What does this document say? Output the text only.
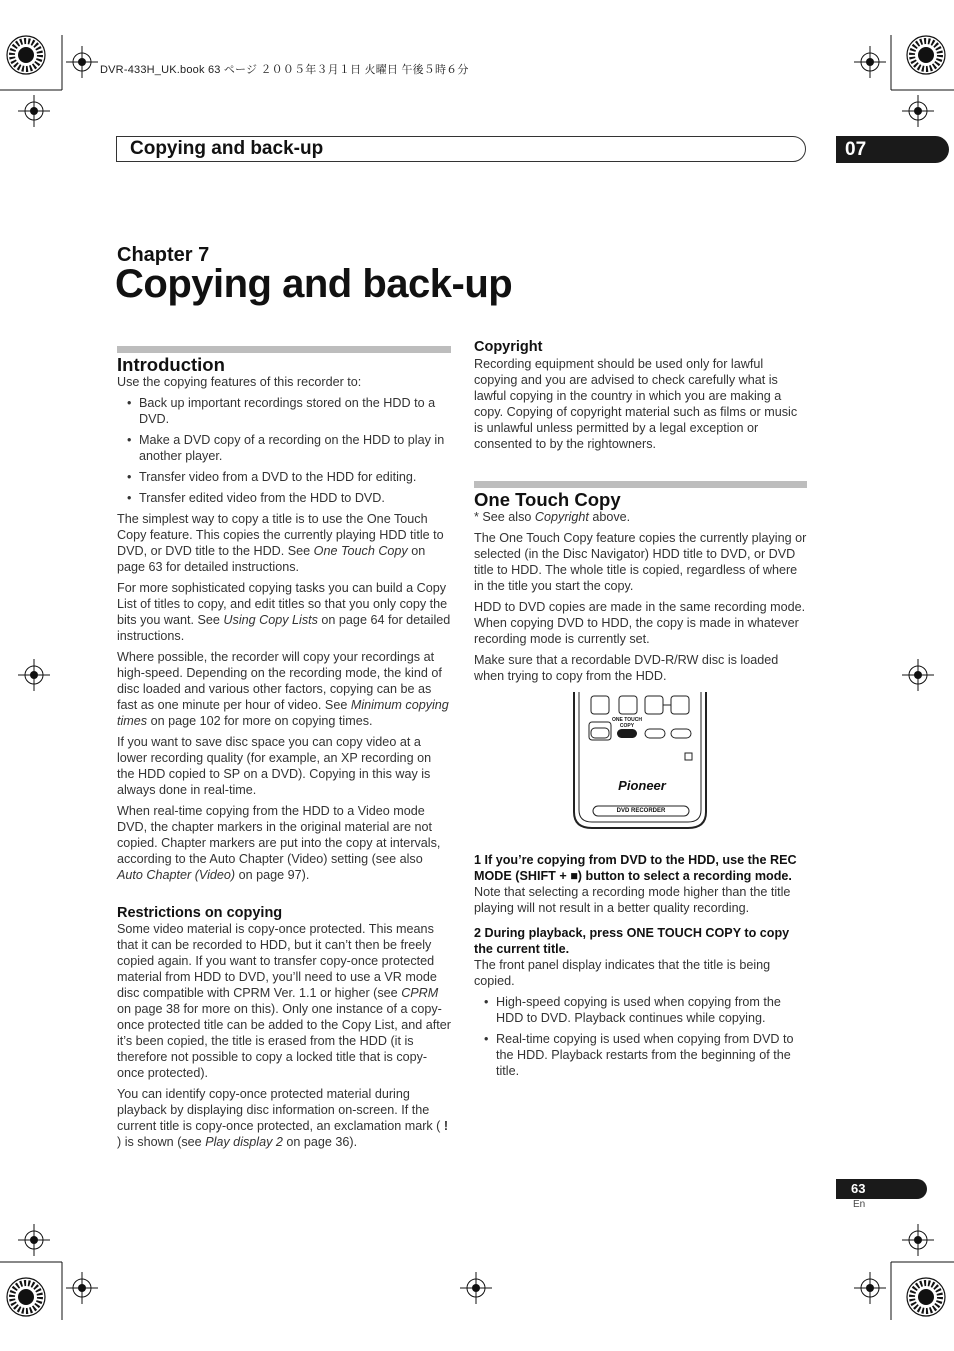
DVR-433H_UK.book 63 ページ ２００５年３月１日 火曜日 午後５時６分
Copying and back-up	07
Chapter 7
Copying and back-up
Introduction

Use the copying features of this recorder to:

• Back up important recordings stored on the HDD to a DVD.
• Make a DVD copy of a recording on the HDD to play in another player.
• Transfer video from a DVD to the HDD for editing.
• Transfer edited video from the HDD to DVD.

The simplest way to copy a title is to use the One Touch Copy feature. This copies the currently playing HDD title to DVD, or DVD title to the HDD. See One Touch Copy on page 63 for detailed instructions.

For more sophisticated copying tasks you can build a Copy List of titles to copy, and edit titles so that you only copy the bits you want. See Using Copy Lists on page 64 for detailed instructions.

Where possible, the recorder will copy your recordings at high-speed. Depending on the recording mode, the kind of disc loaded and various other factors, copying can be as fast as one minute per hour of video. See Minimum copying times on page 102 for more on copying times.

If you want to save disc space you can copy video at a lower recording quality (for example, an XP recording on the HDD copied to SP on a DVD). Copying in this way is always done in real-time.

When real-time copying from the HDD to a Video mode DVD, the chapter markers in the original material are not copied. Chapter markers are put into the copy at intervals, according to the Auto Chapter (Video) setting (see also Auto Chapter (Video) on page 97).

Restrictions on copying

Some video material is copy-once protected. This means that it can be recorded to HDD, but it can’t then be freely copied again. If you want to transfer copy-once protected material from HDD to DVD, you’ll need to use a VR mode disc compatible with CPRM Ver. 1.1 or higher (see CPRM on page 38 for more on this). Only one instance of a copy-once protected title can be added to the Copy List, and after it’s been copied, the title is erased from the HDD (it is therefore not possible to copy a locked title that is copy-once protected).

You can identify copy-once protected material during playback by displaying disc information on-screen. If the current title is copy-once protected, an exclamation mark ( ! ) is shown (see Play display 2 on page 36).

Copyright

Recording equipment should be used only for lawful copying and you are advised to check carefully what is lawful copying in the country in which you are making a copy. Copying of copyright material such as films or music is unlawful unless permitted by a legal exception or consented to by the rightowners.

One Touch Copy

* See also Copyright above.

The One Touch Copy feature copies the currently playing or selected (in the Disc Navigator) HDD title to DVD, or DVD title to HDD. The whole title is copied, regardless of where in the title you start the copy.

HDD to DVD copies are made in the same recording mode. When copying DVD to HDD, the copy is made in whatever recording mode is currently set.

Make sure that a recordable DVD-R/RW disc is loaded when trying to copy from the HDD.

ONE TOUCH COPY
Pioneer
DVD RECORDER

1 If you’re copying from DVD to the HDD, use the REC MODE (SHIFT + ■) button to select a recording mode.

Note that selecting a recording mode higher than the title playing will not result in a better quality recording.

2 During playback, press ONE TOUCH COPY to copy the current title.

The front panel display indicates that the title is being copied.

• High-speed copying is used when copying from the HDD to DVD. Playback continues while copying.
• Real-time copying is used when copying from DVD to the HDD. Playback restarts from the beginning of the title.
63
En
